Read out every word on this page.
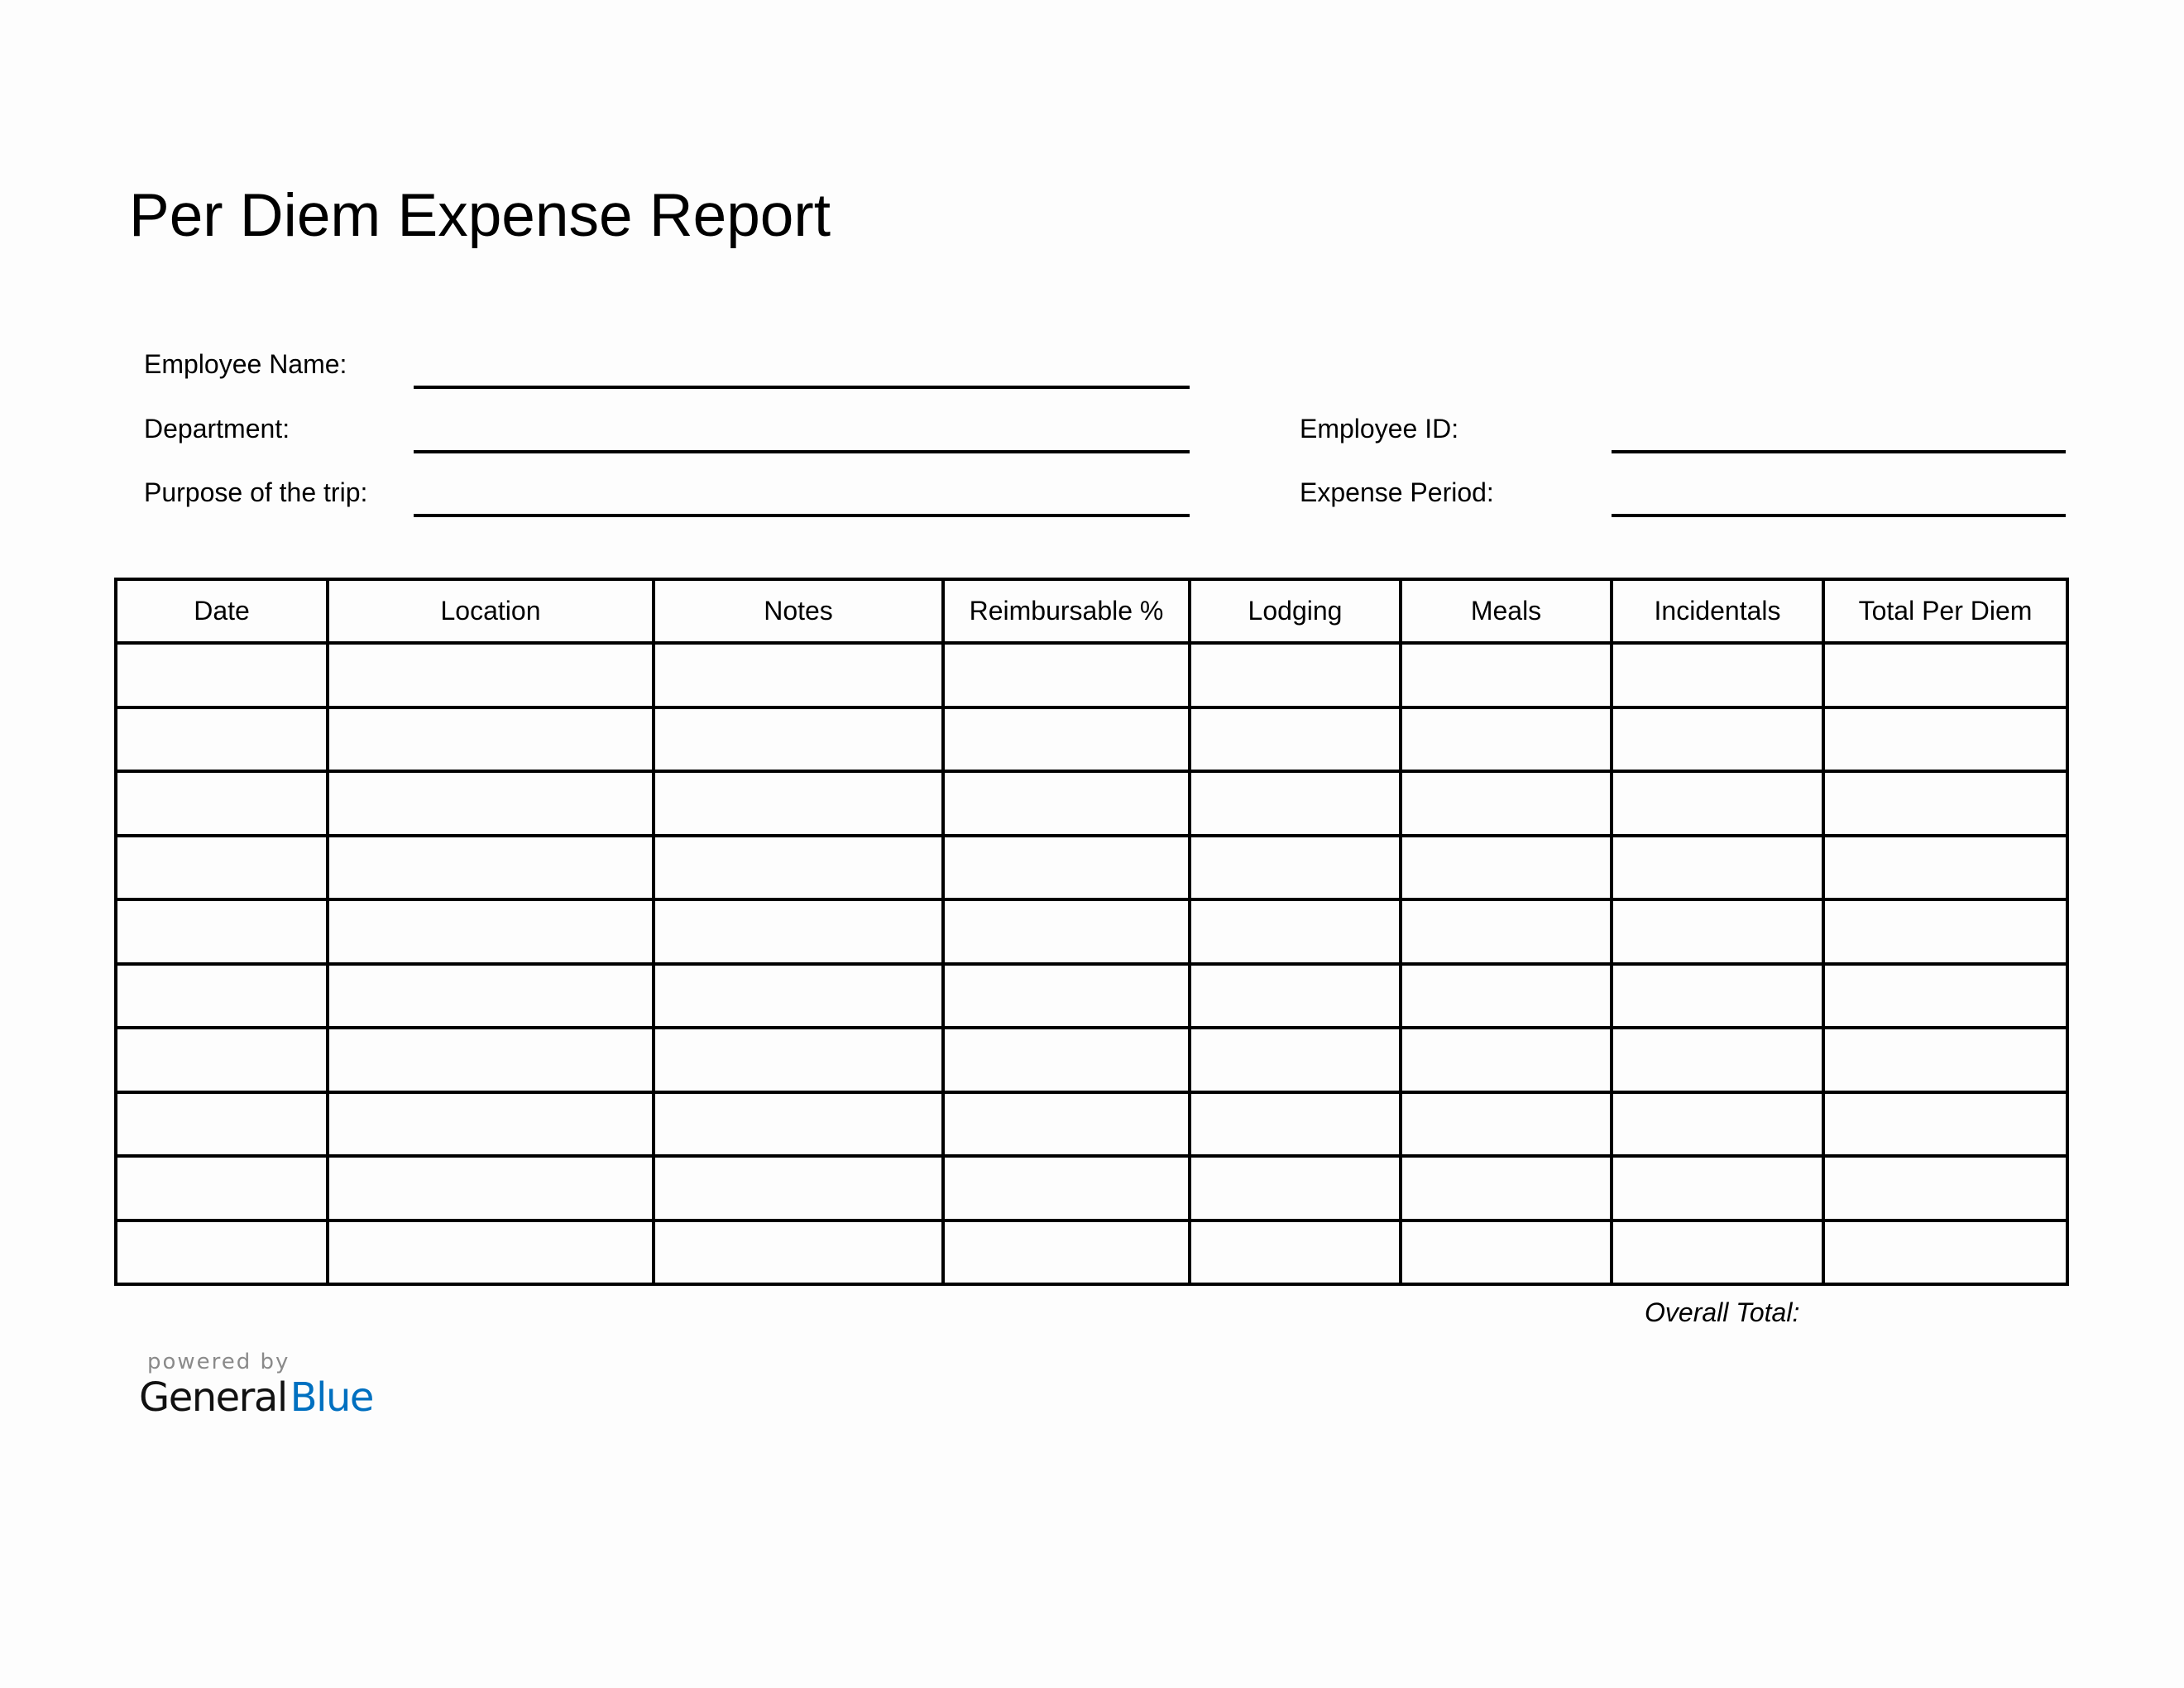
Per Diem Expense Report
Employee Name:
Department:
Purpose of the trip:
Employee ID:
Expense Period:
Date	Location	Notes	Reimbursable %	Lodging	Meals	Incidentals	Total Per Diem

Overall Total:
powered by
GeneralBlue
